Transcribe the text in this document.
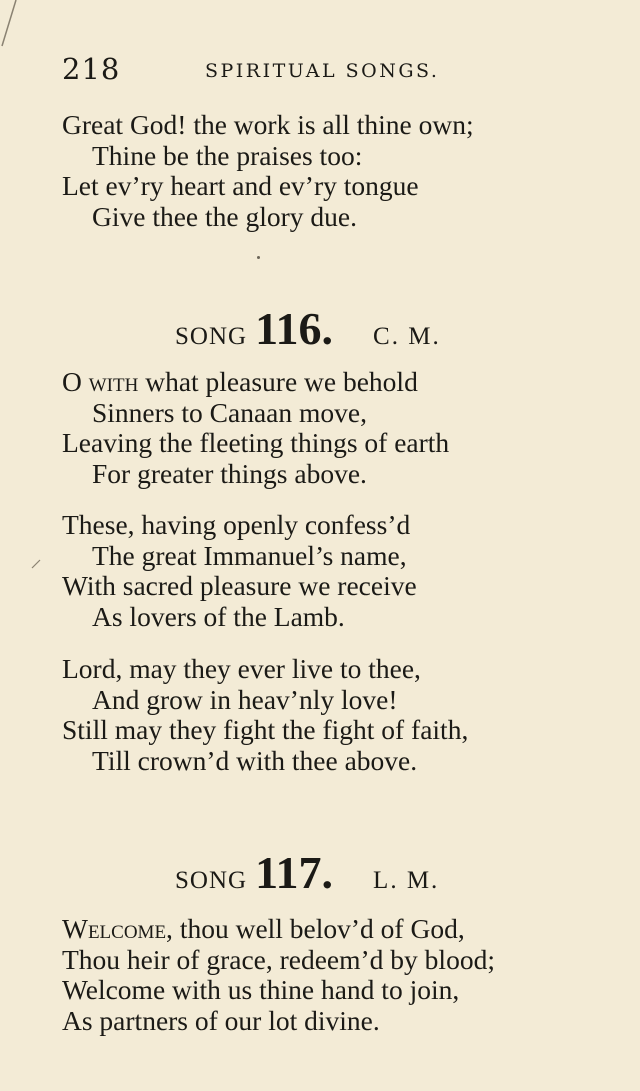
218	SPIRITUAL SONGS.
Great God! the work is all thine own;
Thine be the praises too:
Let ev’ry heart and ev’ry tongue
Give thee the glory due.
SONG 116. C. M.
O with what pleasure we behold
Sinners to Canaan move,
Leaving the fleeting things of earth
For greater things above.
These, having openly confess’d
The great Immanuel’s name,
With sacred pleasure we receive
As lovers of the Lamb.
Lord, may they ever live to thee,
And grow in heav’nly love!
Still may they fight the fight of faith,
Till crown’d with thee above.
SONG 117. L. M.
Welcome, thou well belov’d of God,
Thou heir of grace, redeem’d by blood;
Welcome with us thine hand to join,
As partners of our lot divine.
